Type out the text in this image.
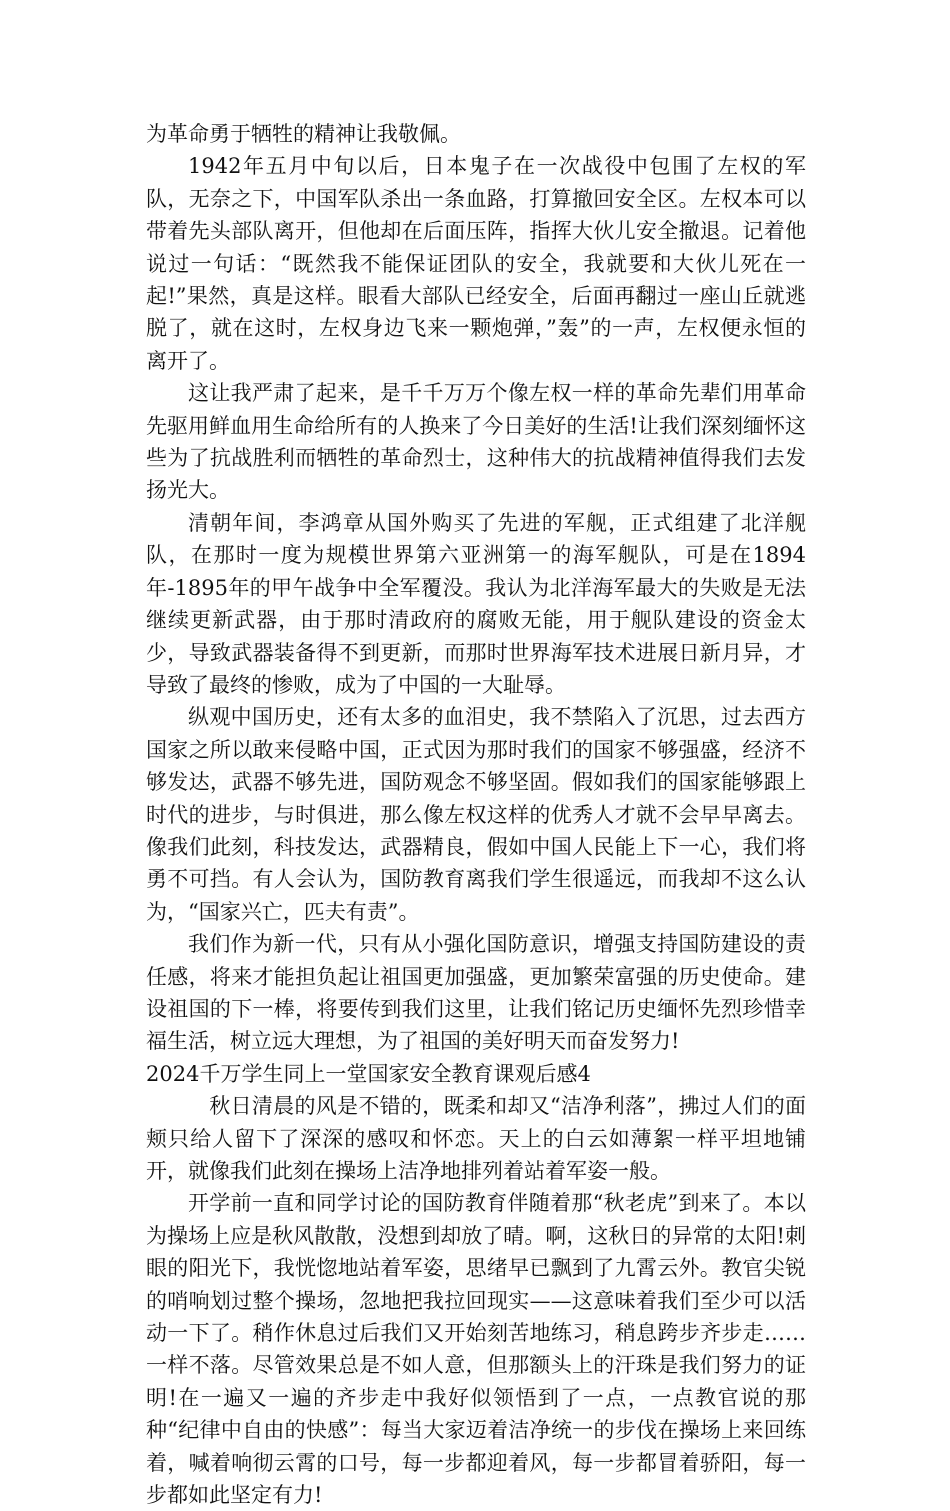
为革命勇于牺牲的精神让我敬佩。

1942年五月中旬以后，日本鬼子在一次战役中包围了左权的军队，无奈之下，中国军队杀出一条血路，打算撤回安全区。左权本可以带着先头部队离开，但他却在后面压阵，指挥大伙儿安全撤退。记着他说过一句话：“既然我不能保证团队的安全，我就要和大伙儿死在一起!”果然，真是这样。眼看大部队已经安全，后面再翻过一座山丘就逃脱了，就在这时，左权身边飞来一颗炮弹，”轰”的一声，左权便永恒的离开了。

这让我严肃了起来，是千千万万个像左权一样的革命先辈们用革命先驱用鲜血用生命给所有的人换来了今日美好的生活!让我们深刻缅怀这些为了抗战胜利而牺牲的革命烈士，这种伟大的抗战精神值得我们去发扬光大。

清朝年间，李鸿章从国外购买了先进的军舰，正式组建了北洋舰队，在那时一度为规模世界第六亚洲第一的海军舰队，可是在1894年-1895年的甲午战争中全军覆没。我认为北洋海军最大的失败是无法继续更新武器，由于那时清政府的腐败无能，用于舰队建设的资金太少，导致武器装备得不到更新，而那时世界海军技术进展日新月异，才导致了最终的惨败，成为了中国的一大耻辱。

纵观中国历史，还有太多的血泪史，我不禁陷入了沉思，过去西方国家之所以敢来侵略中国，正式因为那时我们的国家不够强盛，经济不够发达，武器不够先进，国防观念不够坚固。假如我们的国家能够跟上时代的进步，与时俱进，那么像左权这样的优秀人才就不会早早离去。像我们此刻，科技发达，武器精良，假如中国人民能上下一心，我们将勇不可挡。有人会认为，国防教育离我们学生很遥远，而我却不这么认为，“国家兴亡，匹夫有责”。

我们作为新一代，只有从小强化国防意识，增强支持国防建设的责任感，将来才能担负起让祖国更加强盛，更加繁荣富强的历史使命。建设祖国的下一棒，将要传到我们这里，让我们铭记历史缅怀先烈珍惜幸福生活，树立远大理想，为了祖国的美好明天而奋发努力!

2024千万学生同上一堂国家安全教育课观后感4

　秋日清晨的风是不错的，既柔和却又“洁净利落”，拂过人们的面颊只给人留下了深深的感叹和怀恋。天上的白云如薄絮一样平坦地铺开，就像我们此刻在操场上洁净地排列着站着军姿一般。

开学前一直和同学讨论的国防教育伴随着那“秋老虎”到来了。本以为操场上应是秋风散散，没想到却放了晴。啊，这秋日的异常的太阳!刺眼的阳光下，我恍惚地站着军姿，思绪早已飘到了九霄云外。教官尖锐的哨响划过整个操场，忽地把我拉回现实——这意味着我们至少可以活动一下了。稍作休息过后我们又开始刻苦地练习，稍息跨步齐步走……一样不落。尽管效果总是不如人意，但那额头上的汗珠是我们努力的证明!在一遍又一遍的齐步走中我好似领悟到了一点，一点教官说的那种“纪律中自由的快感”：每当大家迈着洁净统一的步伐在操场上来回练着，喊着响彻云霄的口号，每一步都迎着风，每一步都冒着骄阳，每一步都如此坚定有力!
